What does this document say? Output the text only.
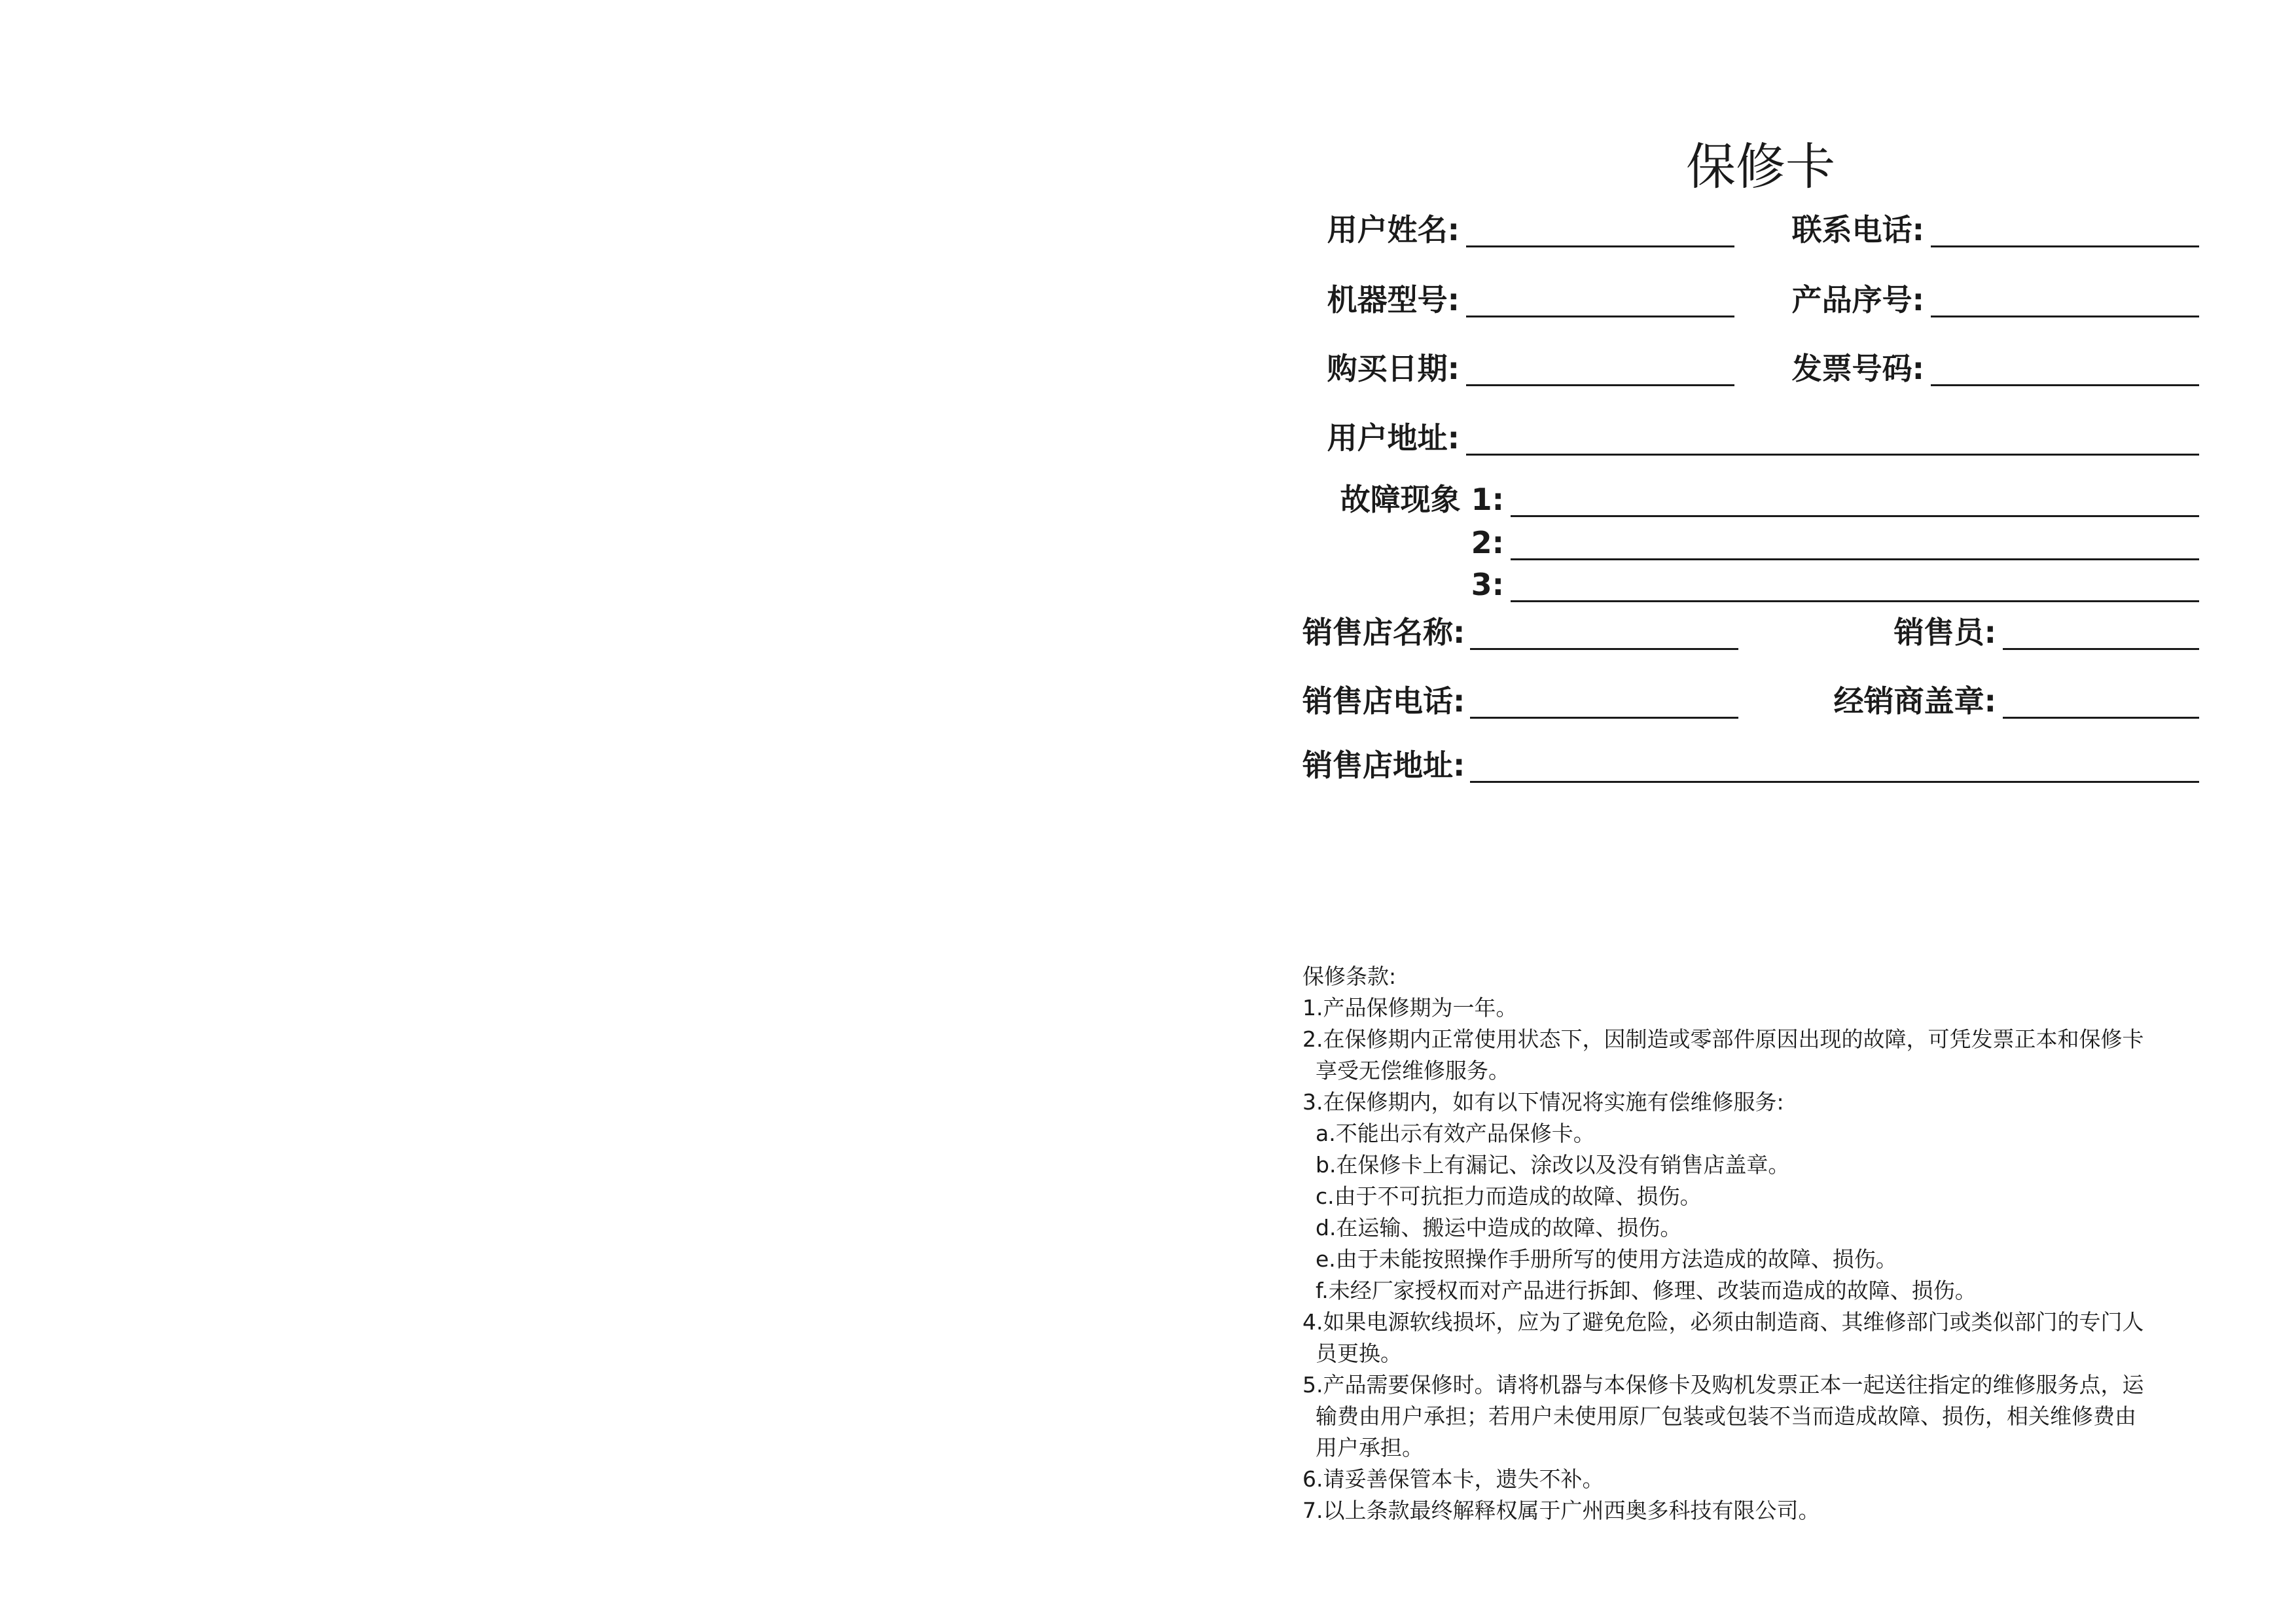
保修卡
用户姓名:	联系电话:
机器型号:	产品序号:
购买日期:	发票号码:
用户地址:
故障现象 1:
2:
3:
销售店名称:	销售员:
销售店电话:	经销商盖章:
销售店地址:
保修条款:
1.产品保修期为一年。
2.在保修期内正常使用状态下，因制造或零部件原因出现的故障，可凭发票正本和保修卡
享受无偿维修服务。
3.在保修期内，如有以下情况将实施有偿维修服务:
a.不能出示有效产品保修卡。
b.在保修卡上有漏记、涂改以及没有销售店盖章。
c.由于不可抗拒力而造成的故障、损伤。
d.在运输、搬运中造成的故障、损伤。
e.由于未能按照操作手册所写的使用方法造成的故障、损伤。
f.未经厂家授权而对产品进行拆卸、修理、改装而造成的故障、损伤。
4.如果电源软线损坏，应为了避免危险，必须由制造商、其维修部门或类似部门的专门人
员更换。
5.产品需要保修时。请将机器与本保修卡及购机发票正本一起送往指定的维修服务点，运
输费由用户承担；若用户未使用原厂包装或包装不当而造成故障、损伤，相关维修费由
用户承担。
6.请妥善保管本卡，遗失不补。
7.以上条款最终解释权属于广州西奥多科技有限公司。
